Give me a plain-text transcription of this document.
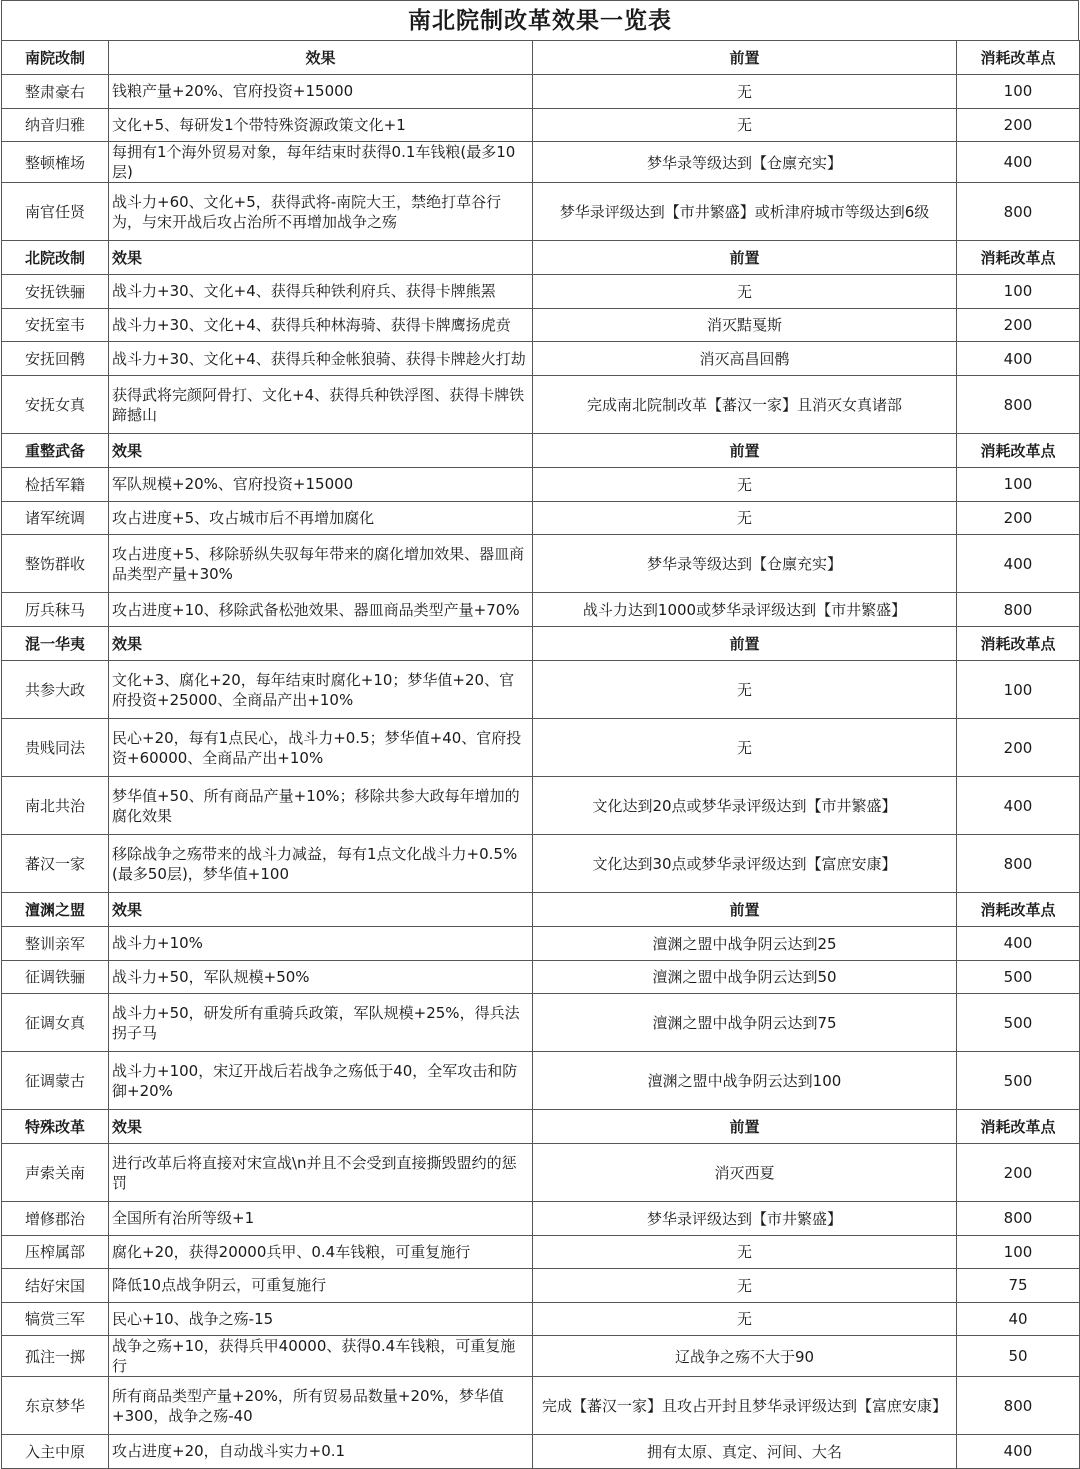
南北院制改革效果一览表
南院改制	效果	前置	消耗改革点
整肃豪右	钱粮产量+20%、官府投资+15000	无	100
纳音归雅	文化+5、每研发1个带特殊资源政策文化+1	无	200
整顿榷场	每拥有1个海外贸易对象，每年结束时获得0.1车钱粮(最多10层)	梦华录等级达到【仓廪充实】	400
南官任贤	战斗力+60、文化+5，获得武将-南院大王，禁绝打草谷行为，与宋开战后攻占治所不再增加战争之殇	梦华录评级达到【市井繁盛】或析津府城市等级达到6级	800
北院改制	效果	前置	消耗改革点
安抚铁骊	战斗力+30、文化+4、获得兵种铁利府兵、获得卡牌熊罴	无	100
安抚室韦	战斗力+30、文化+4、获得兵种林海骑、获得卡牌鹰扬虎贲	消灭黠戛斯	200
安抚回鹘	战斗力+30、文化+4、获得兵种金帐狼骑、获得卡牌趁火打劫	消灭高昌回鹘	400
安抚女真	获得武将完颜阿骨打、文化+4、获得兵种铁浮图、获得卡牌铁蹄撼山	完成南北院制改革【蕃汉一家】且消灭女真诸部	800
重整武备	效果	前置	消耗改革点
检括军籍	军队规模+20%、官府投资+15000	无	100
诸军统调	攻占进度+5、攻占城市后不再增加腐化	无	200
整饬群收	攻占进度+5、移除骄纵失驭每年带来的腐化增加效果、器皿商品类型产量+30%	梦华录等级达到【仓廪充实】	400
厉兵秣马	攻占进度+10、移除武备松弛效果、器皿商品类型产量+70%	战斗力达到1000或梦华录评级达到【市井繁盛】	800
混一华夷	效果	前置	消耗改革点
共参大政	文化+3、腐化+20，每年结束时腐化+10；梦华值+20、官府投资+25000、全商品产出+10%	无	100
贵贱同法	民心+20，每有1点民心，战斗力+0.5；梦华值+40、官府投资+60000、全商品产出+10%	无	200
南北共治	梦华值+50、所有商品产量+10%；移除共参大政每年增加的腐化效果	文化达到20点或梦华录评级达到【市井繁盛】	400
蕃汉一家	移除战争之殇带来的战斗力减益，每有1点文化战斗力+0.5%(最多50层)，梦华值+100	文化达到30点或梦华录评级达到【富庶安康】	800
澶渊之盟	效果	前置	消耗改革点
整训亲军	战斗力+10%	澶渊之盟中战争阴云达到25	400
征调铁骊	战斗力+50，军队规模+50%	澶渊之盟中战争阴云达到50	500
征调女真	战斗力+50，研发所有重骑兵政策，军队规模+25%，得兵法拐子马	澶渊之盟中战争阴云达到75	500
征调蒙古	战斗力+100，宋辽开战后若战争之殇低于40，全军攻击和防御+20%	澶渊之盟中战争阴云达到100	500
特殊改革	效果	前置	消耗改革点
声索关南	进行改革后将直接对宋宣战\n并且不会受到直接撕毁盟约的惩罚	消灭西夏	200
增修郡治	全国所有治所等级+1	梦华录评级达到【市井繁盛】	800
压榨属部	腐化+20，获得20000兵甲、0.4车钱粮，可重复施行	无	100
结好宋国	降低10点战争阴云，可重复施行	无	75
犒赏三军	民心+10、战争之殇-15	无	40
孤注一掷	战争之殇+10，获得兵甲40000、获得0.4车钱粮，可重复施行	辽战争之殇不大于90	50
东京梦华	所有商品类型产量+20%，所有贸易品数量+20%，梦华值+300，战争之殇-40	完成【蕃汉一家】且攻占开封且梦华录评级达到【富庶安康】	800
入主中原	攻占进度+20，自动战斗实力+0.1	拥有太原、真定、河间、大名	400
